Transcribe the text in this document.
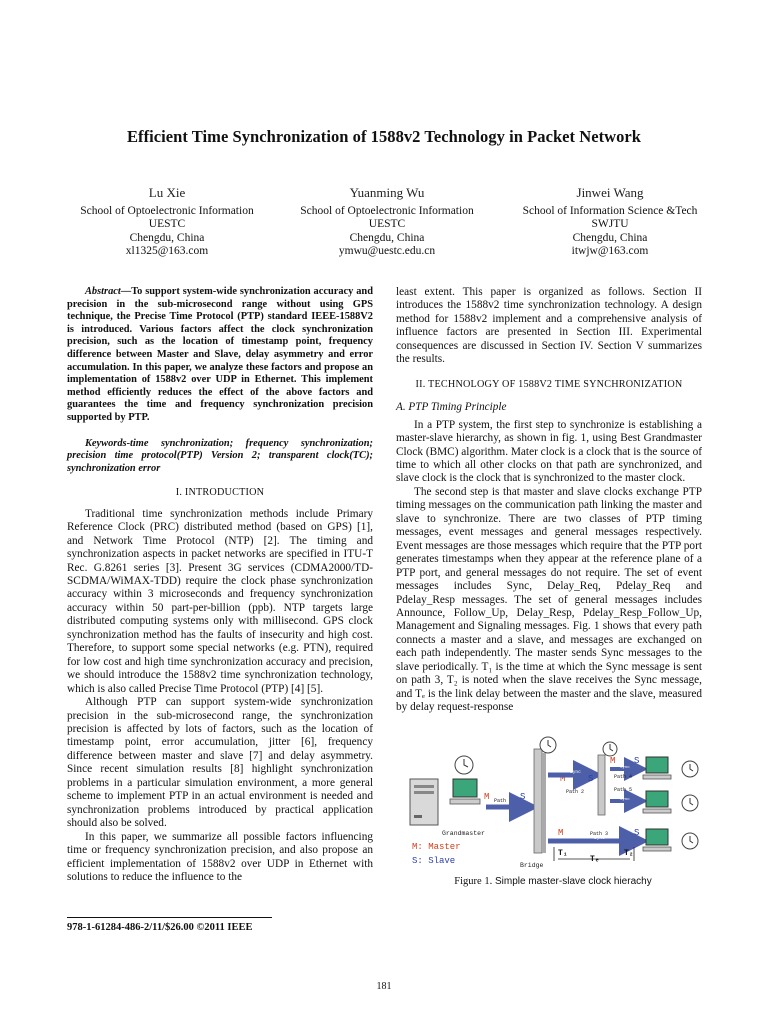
Efficient Time Synchronization of 1588v2 Technology in Packet Network
Lu Xie
School of Optoelectronic Information
UESTC
Chengdu, China
xl1325@163.com
Yuanming Wu
School of Optoelectronic Information
UESTC
Chengdu, China
ymwu@uestc.edu.cn
Jinwei Wang
School of Information Science &Tech
SWJTU
Chengdu, China
itwjw@163.com

Abstract—To support system-wide synchronization accuracy and precision in the sub-microsecond range without using GPS technique, the Precise Time Protocol (PTP) standard IEEE-1588V2 is introduced. Various factors affect the clock synchronization precision, such as the location of timestamp point, frequency difference between Master and Slave, delay asymmetry and error accumulation. In this paper, we analyze these factors and propose an implementation of 1588v2 over UDP in Ethernet. This implement method efficiently reduces the effect of the above factors and guarantees the time and frequency synchronization precision supported by PTP.

Keywords-time synchronization; frequency synchronization; precision time protocol(PTP) Version 2; transparent clock(TC); synchronization error

I. INTRODUCTION

Traditional time synchronization methods include Primary Reference Clock (PRC) distributed method (based on GPS) [1], and Network Time Protocol (NTP) [2]. The timing and synchronization aspects in packet networks are specified in ITU-T Rec. G.8261 series [3]. Present 3G services (CDMA2000/TD-SCDMA/WiMAX-TDD) require the clock phase synchronization accuracy within 3 microseconds and frequency synchronization accuracy within 50 part-per-billion (ppb). NTP targets large distributed computing systems only with millisecond. GPS clock synchronization method has the faults of insecurity and high cost. Therefore, to support some special networks (e.g. PTN), required for low cost and high time synchronization accuracy and precision, we should introduce the 1588v2 time synchronization technology, which is also called Precise Time Protocol (PTP) [4] [5].

Although PTP can support system-wide synchronization precision in the sub-microsecond range, the synchronization precision is affected by lots of factors, such as the location of timestamp point, error accumulation, jitter [6], frequency difference between master and slave [7] and delay asymmetry. Since recent simulation results [8] highlight synchronization problems in a particular simulation environment, a more general scheme to implement PTP in an actual environment is needed and synchronization problems introduced by practical application should also be solved.

In this paper, we summarize all possible factors influencing time or frequency synchronization precision, and also propose an efficient implementation of 1588v2 over UDP in Ethernet with solutions to reduce the influence to the

least extent. This paper is organized as follows. Section II introduces the 1588v2 time synchronization technology. A design method for 1588v2 implement and a comprehensive analysis of influence factors are presented in Section III. Experimental consequences are discussed in Section IV. Section V summarizes the results.

II. TECHNOLOGY OF 1588V2 TIME SYNCHRONIZATION
A. PTP Timing Principle

In a PTP system, the first step to synchronize is establishing a master-slave hierarchy, as shown in fig. 1, using Best Grandmaster Clock (BMC) algorithm. Mater clock is a clock that is the source of time to which all other clocks on that path are synchronized, and slave clock is the clock that is synchronized to the master clock.

The second step is that master and slave clocks exchange PTP timing messages on the communication path linking the master and slave to synchronize. There are two classes of PTP timing messages, event messages and general messages respectively. Event messages are those messages which require that the PTP port generates timestamps when they appear at the reference plane of a PTP port, and general messages do not require. The set of event messages includes Sync, Delay_Req, Pdelay_Req and Pdelay_Resp messages. The set of general messages includes Announce, Follow_Up, Delay_Resp, Pdelay_Resp_Follow_Up, Management and Signaling messages. Fig. 1 shows that every path connects a master and a slave, and messages are exchanged on each path independently. The master sends Sync messages to the slave periodically. T₁ is the time at which the Sync message is sent on path 3, T₂ is noted when the slave receives the Sync message, and Tₑ is the link delay between the master and the slave, measured by delay request-response

Grandmaster
M Path 1 S
Bridge
M
Sync
S
Path 2
M
Sync
S
Path 4
Sync
Path 5
M
Sync
Path 3	S
T₁
Tₑ
T₂
M: Master
S: Slave
Figure 1. Simple master-slave clock hierachy
978-1-61284-486-2/11/$26.00 ©2011 IEEE
181
